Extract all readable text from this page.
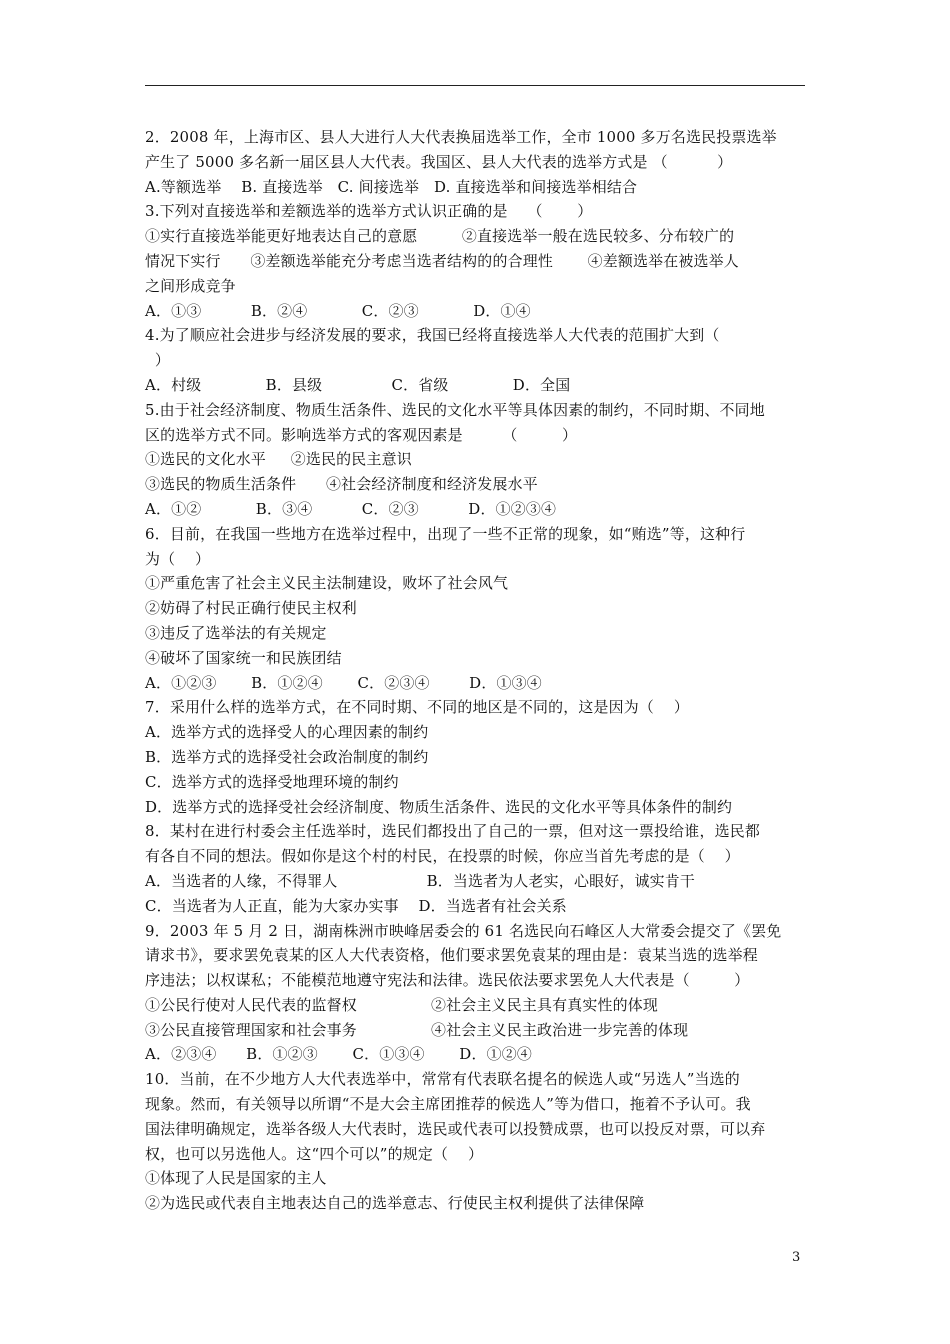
2．2008 年，上海市区、县人大进行人大代表换届选举工作，全市 1000 多万名选民投票选举
产生了 5000 多名新一届区县人大代表。我国区、县人大代表的选举方式是 （          ）
A.等额选举    B. 直接选举   C. 间接选举   D. 直接选举和间接选举相结合
3.下列对直接选举和差额选举的选举方式认识正确的是    （       ）
①实行直接选举能更好地表达自己的意愿         ②直接选举一般在选民较多、分布较广的
情况下实行      ③差额选举能充分考虑当选者结构的的合理性       ④差额选举在被选举人
之间形成竞争
A．①③          B．②④           C．②③           D．①④
4.为了顺应社会进步与经济发展的要求，我国已经将直接选举人大代表的范围扩大到（
）
A．村级             B．县级              C．省级             D．全国
5.由于社会经济制度、物质生活条件、选民的文化水平等具体因素的制约，不同时期、不同地
区的选举方式不同。影响选举方式的客观因素是        （         ）
①选民的文化水平     ②选民的民主意识
③选民的物质生活条件      ④社会经济制度和经济发展水平
A．①②           B．③④          C．②③          D．①②③④
6．目前，在我国一些地方在选举过程中，出现了一些不正常的现象，如“贿选”等，这种行
为（    ）
①严重危害了社会主义民主法制建设，败坏了社会风气
②妨碍了村民正确行使民主权利
③违反了选举法的有关规定
④破坏了国家统一和民族团结
A．①②③       B．①②④       C．②③④        D．①③④
7．采用什么样的选举方式，在不同时期、不同的地区是不同的，这是因为（    ）
A．选举方式的选择受人的心理因素的制约
B．选举方式的选择受社会政治制度的制约
C．选举方式的选择受地理环境的制约
D．选举方式的选择受社会经济制度、物质生活条件、选民的文化水平等具体条件的制约
8．某村在进行村委会主任选举时，选民们都投出了自己的一票，但对这一票投给谁，选民都
有各自不同的想法。假如你是这个村的村民，在投票的时候，你应当首先考虑的是（    ）
A．当选者的人缘，不得罪人                  B．当选者为人老实，心眼好，诚实肯干
C．当选者为人正直，能为大家办实事    D．当选者有社会关系
9．2003 年 5 月 2 日，湖南株洲市映峰居委会的 61 名选民向石峰区人大常委会提交了《罢免
请求书》，要求罢免袁某的区人大代表资格，他们要求罢免袁某的理由是：袁某当选的选举程
序违法；以权谋私；不能模范地遵守宪法和法律。选民依法要求罢免人大代表是（         ）
①公民行使对人民代表的监督权               ②社会主义民主具有真实性的体现
③公民直接管理国家和社会事务               ④社会主义民主政治进一步完善的体现
A．②③④      B．①②③       C．①③④       D．①②④
10．当前，在不少地方人大代表选举中，常常有代表联名提名的候选人或“另选人”当选的
现象。然而，有关领导以所谓“不是大会主席团推荐的候选人”等为借口，拖着不予认可。我
国法律明确规定，选举各级人大代表时，选民或代表可以投赞成票，也可以投反对票，可以弃
权，也可以另选他人。这“四个可以”的规定（    ）
①体现了人民是国家的主人
②为选民或代表自主地表达自己的选举意志、行使民主权利提供了法律保障
3
